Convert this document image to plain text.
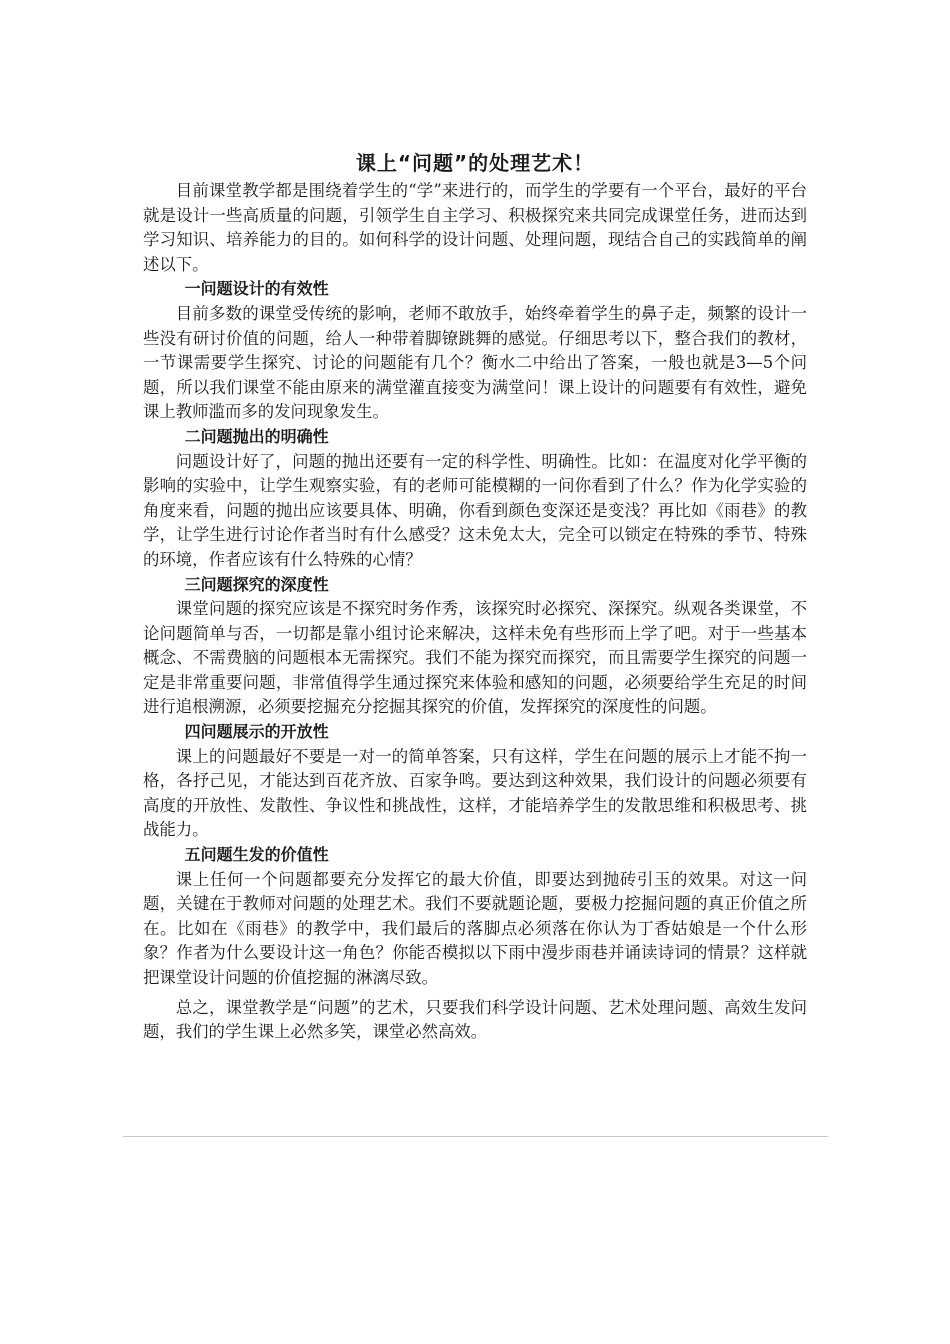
课上“问题”的处理艺术！

目前课堂教学都是围绕着学生的“学”来进行的，而学生的学要有一个平台，最好的平台就是设计一些高质量的问题，引领学生自主学习、积极探究来共同完成课堂任务，进而达到学习知识、培养能力的目的。如何科学的设计问题、处理问题，现结合自己的实践简单的阐述以下。

一问题设计的有效性

目前多数的课堂受传统的影响，老师不敢放手，始终牵着学生的鼻子走，频繁的设计一些没有研讨价值的问题，给人一种带着脚镣跳舞的感觉。仔细思考以下，整合我们的教材，一节课需要学生探究、讨论的问题能有几个？衡水二中给出了答案，一般也就是3—5个问题，所以我们课堂不能由原来的满堂灌直接变为满堂问！课上设计的问题要有有效性，避免课上教师滥而多的发问现象发生。

二问题抛出的明确性

问题设计好了，问题的抛出还要有一定的科学性、明确性。比如：在温度对化学平衡的影响的实验中，让学生观察实验，有的老师可能模糊的一问你看到了什么？作为化学实验的角度来看，问题的抛出应该要具体、明确，你看到颜色变深还是变浅？再比如《雨巷》的教学，让学生进行讨论作者当时有什么感受？这未免太大，完全可以锁定在特殊的季节、特殊的环境，作者应该有什么特殊的心情？

三问题探究的深度性

课堂问题的探究应该是不探究时务作秀，该探究时必探究、深探究。纵观各类课堂，不论问题简单与否，一切都是靠小组讨论来解决，这样未免有些形而上学了吧。对于一些基本概念、不需费脑的问题根本无需探究。我们不能为探究而探究，而且需要学生探究的问题一定是非常重要问题，非常值得学生通过探究来体验和感知的问题，必须要给学生充足的时间进行追根溯源，必须要挖掘充分挖掘其探究的价值，发挥探究的深度性的问题。

四问题展示的开放性

课上的问题最好不要是一对一的简单答案，只有这样，学生在问题的展示上才能不拘一格，各抒己见，才能达到百花齐放、百家争鸣。要达到这种效果，我们设计的问题必须要有高度的开放性、发散性、争议性和挑战性，这样，才能培养学生的发散思维和积极思考、挑战能力。

五问题生发的价值性

课上任何一个问题都要充分发挥它的最大价值，即要达到抛砖引玉的效果。对这一问题，关键在于教师对问题的处理艺术。我们不要就题论题，要极力挖掘问题的真正价值之所在。比如在《雨巷》的教学中，我们最后的落脚点必须落在你认为丁香姑娘是一个什么形象？作者为什么要设计这一角色？你能否模拟以下雨中漫步雨巷并诵读诗词的情景？这样就把课堂设计问题的价值挖掘的淋漓尽致。

总之，课堂教学是“问题”的艺术，只要我们科学设计问题、艺术处理问题、高效生发问题，我们的学生课上必然多笑，课堂必然高效。
